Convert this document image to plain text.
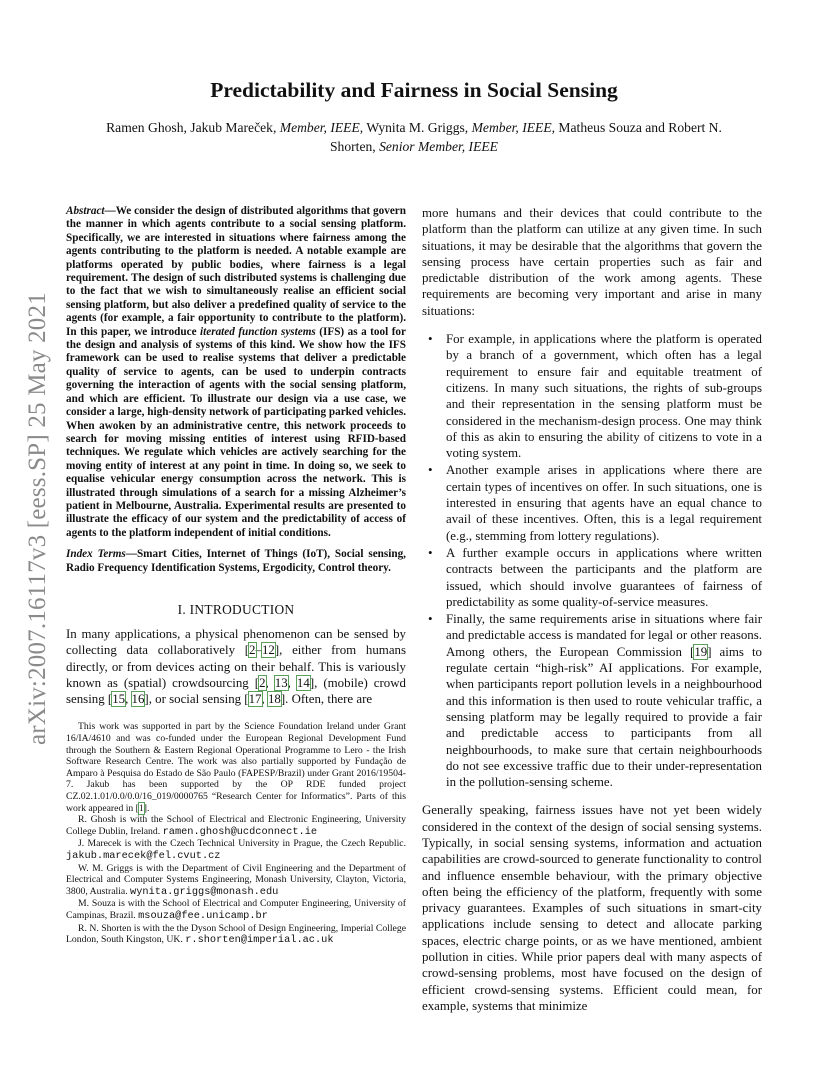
arXiv:2007.16117v3 [eess.SP] 25 May 2021
Predictability and Fairness in Social Sensing
Ramen Ghosh, Jakub Mareček, Member, IEEE, Wynita M. Griggs, Member, IEEE, Matheus Souza and Robert N.
Shorten, Senior Member, IEEE

Abstract—We consider the design of distributed algorithms that govern the manner in which agents contribute to a social sensing platform. Specifically, we are interested in situations where fairness among the agents contributing to the platform is needed. A notable example are platforms operated by public bodies, where fairness is a legal requirement. The design of such distributed systems is challenging due to the fact that we wish to simultaneously realise an efficient social sensing platform, but also deliver a predefined quality of service to the agents (for example, a fair opportunity to contribute to the platform). In this paper, we introduce iterated function systems (IFS) as a tool for the design and analysis of systems of this kind. We show how the IFS framework can be used to realise systems that deliver a predictable quality of service to agents, can be used to underpin contracts governing the interaction of agents with the social sensing platform, and which are efficient. To illustrate our design via a use case, we consider a large, high-density network of participating parked vehicles. When awoken by an administrative centre, this network proceeds to search for moving missing entities of interest using RFID-based techniques. We regulate which vehicles are actively searching for the moving entity of interest at any point in time. In doing so, we seek to equalise vehicular energy consumption across the network. This is illustrated through simulations of a search for a missing Alzheimer’s patient in Melbourne, Australia. Experimental results are presented to illustrate the efficacy of our system and the predictability of access of agents to the platform independent of initial conditions.

Index Terms—Smart Cities, Internet of Things (IoT), Social sensing, Radio Frequency Identification Systems, Ergodicity, Control theory.

I. INTRODUCTION

In many applications, a physical phenomenon can be sensed by collecting data collaboratively [2–12], either from humans directly, or from devices acting on their behalf. This is variously known as (spatial) crowdsourcing [2, 13, 14], (mobile) crowd sensing [15, 16], or social sensing [17, 18]. Often, there are

This work was supported in part by the Science Foundation Ireland under Grant 16/IA/4610 and was co-funded under the European Regional Development Fund through the Southern & Eastern Regional Operational Programme to Lero - the Irish Software Research Centre. The work was also partially supported by Fundação de Amparo à Pesquisa do Estado de São Paulo (FAPESP/Brazil) under Grant 2016/19504-7. Jakub has been supported by the OP RDE funded project CZ.02.1.01/0.0/0.0/16_019/0000765 “Research Center for Informatics”. Parts of this work appeared in [1].

R. Ghosh is with the School of Electrical and Electronic Engineering, University College Dublin, Ireland. ramen.ghosh@ucdconnect.ie

J. Marecek is with the Czech Technical University in Prague, the Czech Republic. jakub.marecek@fel.cvut.cz

W. M. Griggs is with the Department of Civil Engineering and the Department of Electrical and Computer Systems Engineering, Monash University, Clayton, Victoria, 3800, Australia. wynita.griggs@monash.edu

M. Souza is with the School of Electrical and Computer Engineering, University of Campinas, Brazil. msouza@fee.unicamp.br

R. N. Shorten is with the the Dyson School of Design Engineering, Imperial College London, South Kingston, UK. r.shorten@imperial.ac.uk

more humans and their devices that could contribute to the platform than the platform can utilize at any given time. In such situations, it may be desirable that the algorithms that govern the sensing process have certain properties such as fair and predictable distribution of the work among agents. These requirements are becoming very important and arise in many situations:

• For example, in applications where the platform is operated by a branch of a government, which often has a legal requirement to ensure fair and equitable treatment of citizens. In many such situations, the rights of sub-groups and their representation in the sensing platform must be considered in the mechanism-design process. One may think of this as akin to ensuring the ability of citizens to vote in a voting system.
• Another example arises in applications where there are certain types of incentives on offer. In such situations, one is interested in ensuring that agents have an equal chance to avail of these incentives. Often, this is a legal requirement (e.g., stemming from lottery regulations).
• A further example occurs in applications where written contracts between the participants and the platform are issued, which should involve guarantees of fairness of predictability as some quality-of-service measures.
• Finally, the same requirements arise in situations where fair and predictable access is mandated for legal or other reasons. Among others, the European Commission [19] aims to regulate certain “high-risk” AI applications. For example, when participants report pollution levels in a neighbourhood and this information is then used to route vehicular traffic, a sensing platform may be legally required to provide a fair and predictable access to participants from all neighbourhoods, to make sure that certain neighbourhoods do not see excessive traffic due to their under-representation in the pollution-sensing scheme.

Generally speaking, fairness issues have not yet been widely considered in the context of the design of social sensing systems. Typically, in social sensing systems, information and actuation capabilities are crowd-sourced to generate functionality to control and influence ensemble behaviour, with the primary objective often being the efficiency of the platform, frequently with some privacy guarantees. Examples of such situations in smart-city applications include sensing to detect and allocate parking spaces, electric charge points, or as we have mentioned, ambient pollution in cities. While prior papers deal with many aspects of crowd-sensing problems, most have focused on the design of efficient crowd-sensing systems. Efficient could mean, for example, systems that minimize
